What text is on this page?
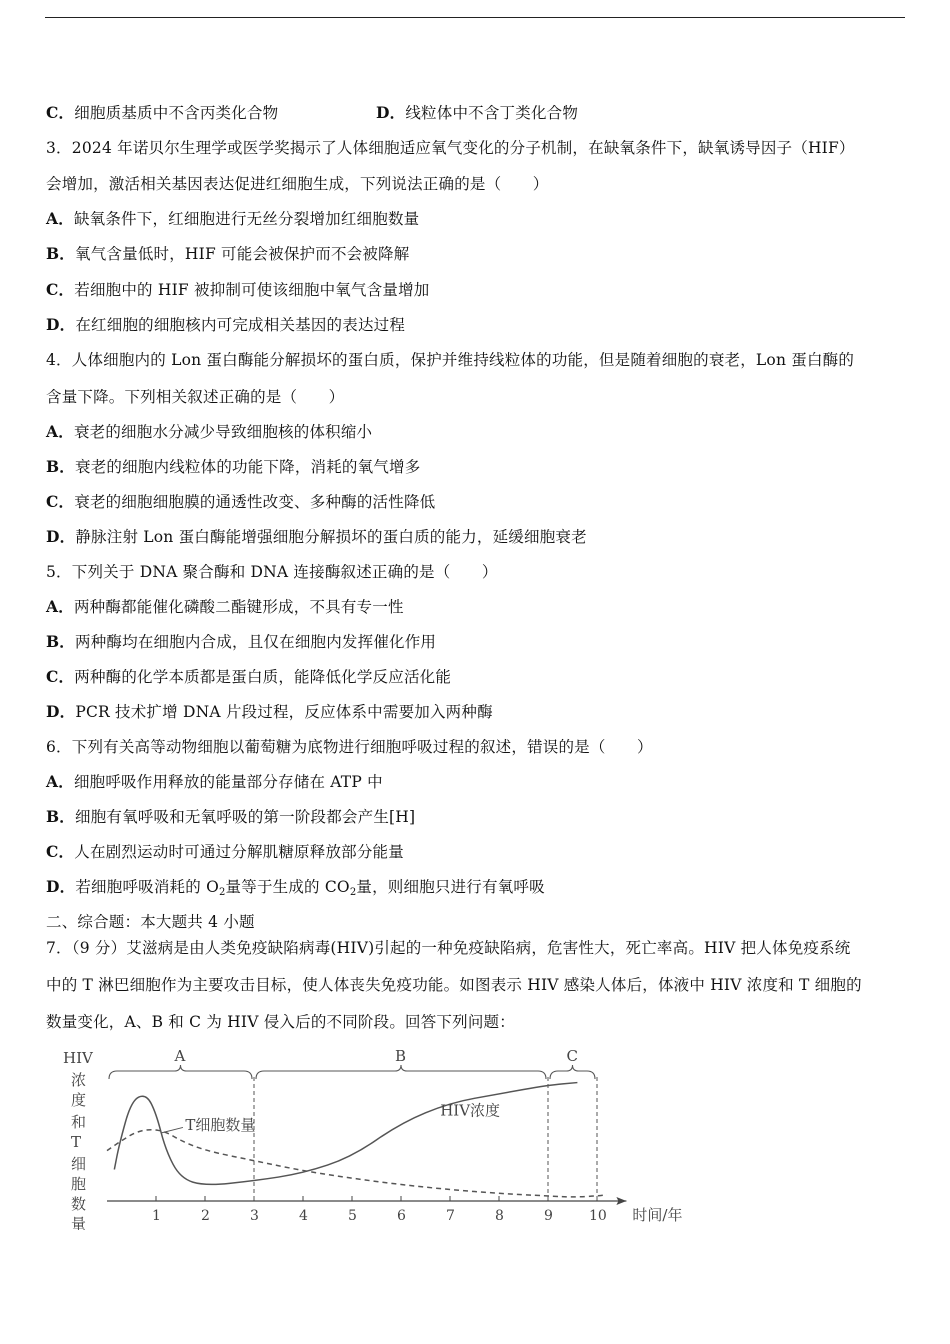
C．细胞质基质中不含丙类化合物	D．线粒体中不含丁类化合物
3．2024 年诺贝尔生理学或医学奖揭示了人体细胞适应氧气变化的分子机制，在缺氧条件下，缺氧诱导因子（HIF）
会增加，激活相关基因表达促进红细胞生成，下列说法正确的是（　　）
A．缺氧条件下，红细胞进行无丝分裂增加红细胞数量
B．氧气含量低时，HIF 可能会被保护而不会被降解
C．若细胞中的 HIF 被抑制可使该细胞中氧气含量增加
D．在红细胞的细胞核内可完成相关基因的表达过程
4．人体细胞内的 Lon 蛋白酶能分解损坏的蛋白质，保护并维持线粒体的功能，但是随着细胞的衰老，Lon 蛋白酶的
含量下降。下列相关叙述正确的是（　　）
A．衰老的细胞水分减少导致细胞核的体积缩小
B．衰老的细胞内线粒体的功能下降，消耗的氧气增多
C．衰老的细胞细胞膜的通透性改变、多种酶的活性降低
D．静脉注射 Lon 蛋白酶能增强细胞分解损坏的蛋白质的能力，延缓细胞衰老
5．下列关于 DNA 聚合酶和 DNA 连接酶叙述正确的是（　　）
A．两种酶都能催化磷酸二酯键形成，不具有专一性
B．两种酶均在细胞内合成，且仅在细胞内发挥催化作用
C．两种酶的化学本质都是蛋白质，能降低化学反应活化能
D．PCR 技术扩增 DNA 片段过程，反应体系中需要加入两种酶
6．下列有关高等动物细胞以葡萄糖为底物进行细胞呼吸过程的叙述，错误的是（　　）
A．细胞呼吸作用释放的能量部分存储在 ATP 中
B．细胞有氧呼吸和无氧呼吸的第一阶段都会产生[H]
C．人在剧烈运动时可通过分解肌糖原释放部分能量
D．若细胞呼吸消耗的 $O_2$量等于生成的 $CO_2$量，则细胞只进行有氧呼吸
二、综合题：本大题共 4 小题
7．（9 分）艾滋病是由人类免疫缺陷病毒(HIV)引起的一种免疫缺陷病，危害性大，死亡率高。HIV 把人体免疫系统
中的 T 淋巴细胞作为主要攻击目标，使人体丧失免疫功能。如图表示 HIV 感染人体后，体液中 HIV 浓度和 T 细胞的
数量变化，A、B 和 C 为 HIV 侵入后的不同阶段。回答下列问题：
HIV
浓
度
和
T
细
胞
数
量	时间/年
1	2	3	4	5	6	7	8	9	10
A	B	C
HIV浓度
T细胞数量
